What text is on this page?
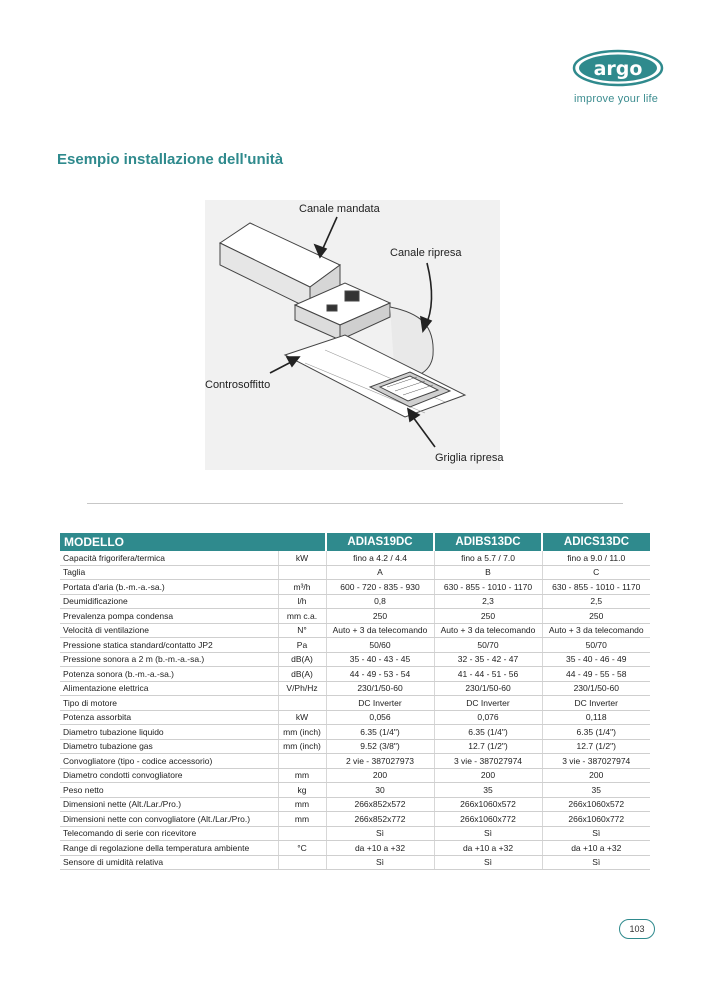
argo
improve your life
Esempio installazione dell'unità
Canale mandata
Canale ripresa
Controsoffitto
Griglia ripresa
MODELLO		ADIAS19DC	ADIBS13DC	ADICS13DC
Capacità frigorifera/termica	kW	fino a 4.2 / 4.4	fino a 5.7 / 7.0	fino a 9.0 / 11.0
Taglia		A	B	C
Portata d'aria (b.-m.-a.-sa.)	m³/h	600 - 720 - 835 - 930	630 - 855 - 1010 - 1170	630 - 855 - 1010 - 1170
Deumidificazione	l/h	0,8	2,3	2,5
Prevalenza pompa condensa	mm c.a.	250	250	250
Velocità di ventilazione	N°	Auto + 3 da telecomando	Auto + 3 da telecomando	Auto + 3 da telecomando
Pressione statica standard/contatto JP2	Pa	50/60	50/70	50/70
Pressione sonora a 2 m (b.-m.-a.-sa.)	dB(A)	35 - 40 - 43 - 45	32 - 35 - 42 - 47	35 - 40 - 46 - 49
Potenza sonora (b.-m.-a.-sa.)	dB(A)	44 - 49 - 53 - 54	41 - 44 - 51 - 56	44 - 49 - 55 - 58
Alimentazione elettrica	V/Ph/Hz	230/1/50-60	230/1/50-60	230/1/50-60
Tipo di motore		DC Inverter	DC Inverter	DC Inverter
Potenza assorbita	kW	0,056	0,076	0,118
Diametro tubazione liquido	mm (inch)	6.35 (1/4")	6.35 (1/4")	6.35 (1/4")
Diametro tubazione gas	mm (inch)	9.52 (3/8")	12.7 (1/2")	12.7 (1/2")
Convogliatore (tipo - codice accessorio)		2 vie - 387027973	3 vie - 387027974	3 vie - 387027974
Diametro condotti convogliatore	mm	200	200	200
Peso netto	kg	30	35	35
Dimensioni nette (Alt./Lar./Pro.)	mm	266x852x572	266x1060x572	266x1060x572
Dimensioni nette con convogliatore (Alt./Lar./Pro.)	mm	266x852x772	266x1060x772	266x1060x772
Telecomando di serie con ricevitore		Sì	Sì	Sì
Range di regolazione della temperatura ambiente	°C	da +10 a +32	da +10 a +32	da +10 a +32
Sensore di umidità relativa		Sì	Sì	Sì
103
